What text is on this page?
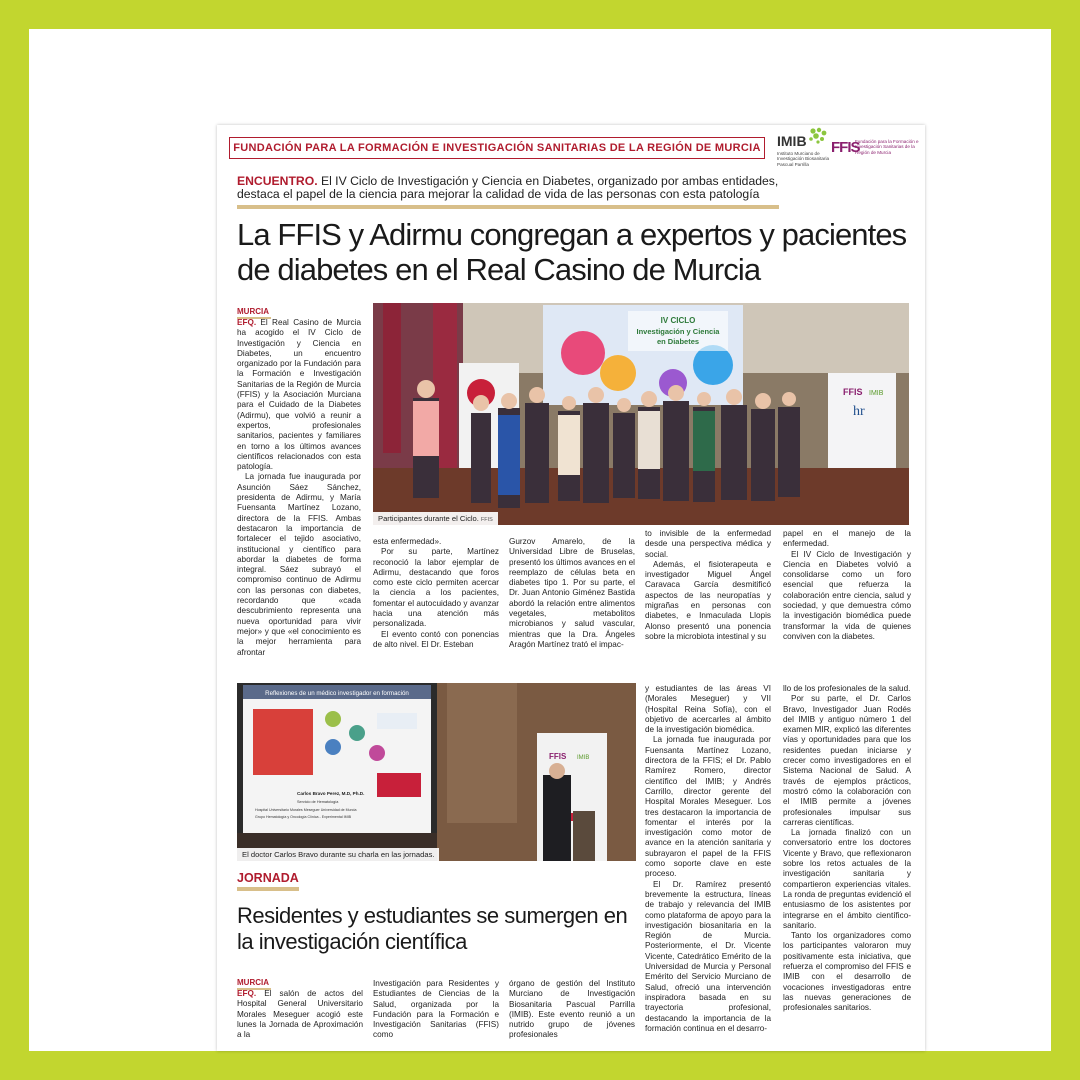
FUNDACIÓN PARA LA FORMACIÓN E INVESTIGACIÓN SANITARIAS DE LA REGIÓN DE MURCIA IMIB
Instituto Murciano de Investigación Biosanitaria Pascual Parrilla
FFIS
Fundación para la Formación e Investigación Sanitarias de la Región de Murcia
ENCUENTRO. El IV Ciclo de Investigación y Ciencia en Diabetes, organizado por ambas entidades, destaca el papel de la ciencia para mejorar la calidad de vida de las personas con esta patología
La FFIS y Adirmu congregan a expertos y pacientes de diabetes en el Real Casino de Murcia
MURCIA

EFQ. El Real Casino de Murcia ha acogido el IV Ciclo de Investigación y Ciencia en Diabetes, un encuentro organizado por la Fundación para la Formación e Investigación Sanitarias de la Región de Murcia (FFIS) y la Asociación Murciana para el Cuidado de la Diabetes (Adirmu), que volvió a reunir a expertos, profesionales sanitarios, pacientes y familiares en torno a los últimos avances científicos relacionados con esta patología.

La jornada fue inaugurada por Asunción Sáez Sánchez, presidenta de Adirmu, y María Fuensanta Martínez Lozano, directora de la FFIS. Ambas destacaron la importancia de fortalecer el tejido asociativo, institucional y científico para abordar la diabetes de forma integral. Sáez subrayó el compromiso continuo de Adirmu con las personas con diabetes, recordando que «cada descubrimiento representa una nueva oportunidad para vivir mejor» y que «el conocimiento es la mejor herramienta para afrontar

IV CICLO
Investigación y Ciencia
en Diabetes
FFIS IMIB
hr
Participantes durante el Ciclo. FFIS

esta enfermedad».

Por su parte, Martínez reconoció la labor ejemplar de Adirmu, destacando que foros como este ciclo permiten acercar la ciencia a los pacientes, fomentar el autocuidado y avanzar hacia una atención más personalizada.

El evento contó con ponencias de alto nivel. El Dr. Esteban

Gurzov Amarelo, de la Universidad Libre de Bruselas, presentó los últimos avances en el reemplazo de células beta en diabetes tipo 1. Por su parte, el Dr. Juan Antonio Giménez Bastida abordó la relación entre alimentos vegetales, metabolitos microbianos y salud vascular, mientras que la Dra. Ángeles Aragón Martínez trató el impac-

to invisible de la enfermedad desde una perspectiva médica y social.

Además, el fisioterapeuta e investigador Miguel Ángel Caravaca García desmitificó aspectos de las neuropatías y migrañas en personas con diabetes, e Inmaculada Llopis Alonso presentó una ponencia sobre la microbiota intestinal y su

papel en el manejo de la enfermedad.

El IV Ciclo de Investigación y Ciencia en Diabetes volvió a consolidarse como un foro esencial que refuerza la colaboración entre ciencia, salud y sociedad, y que demuestra cómo la investigación biomédica puede transformar la vida de quienes conviven con la diabetes.

Reflexiones de un médico investigador en formación
Carlos Bravo Perez, M.D, Ph.D.
Servicio de Hematología
Hospital Universitario Morales Meseguer Universidad de Murcia
Grupo Hematología y Oncología Clínica - Experimental IMIB
FFIS IMIB
El doctor Carlos Bravo durante su charla en las jornadas.
JORNADA
Residentes y estudiantes se sumergen en la investigación científica
MURCIA

EFQ. El salón de actos del Hospital General Universitario Morales Meseguer acogió este lunes la Jornada de Aproximación a la

Investigación para Residentes y Estudiantes de Ciencias de la Salud, organizada por la Fundación para la Formación e Investigación Sanitarias (FFIS) como

órgano de gestión del Instituto Murciano de Investigación Biosanitaria Pascual Parrilla (IMIB). Este evento reunió a un nutrido grupo de jóvenes profesionales

y estudiantes de las áreas VI (Morales Meseguer) y VII (Hospital Reina Sofía), con el objetivo de acercarles al ámbito de la investigación biomédica.

La jornada fue inaugurada por Fuensanta Martínez Lozano, directora de la FFIS; el Dr. Pablo Ramírez Romero, director científico del IMIB; y Andrés Carrillo, director gerente del Hospital Morales Meseguer. Los tres destacaron la importancia de fomentar el interés por la investigación como motor de avance en la atención sanitaria y subrayaron el papel de la FFIS como soporte clave en este proceso.

El Dr. Ramírez presentó brevemente la estructura, líneas de trabajo y relevancia del IMIB como plataforma de apoyo para la investigación biosanitaria en la Región de Murcia. Posteriormente, el Dr. Vicente Vicente, Catedrático Emérito de la Universidad de Murcia y Personal Emérito del Servicio Murciano de Salud, ofreció una intervención inspiradora basada en su trayectoria profesional, destacando la importancia de la formación continua en el desarro-

llo de los profesionales de la salud.

Por su parte, el Dr. Carlos Bravo, Investigador Juan Rodés del IMIB y antiguo número 1 del examen MIR, explicó las diferentes vías y oportunidades para que los residentes puedan iniciarse y crecer como investigadores en el Sistema Nacional de Salud. A través de ejemplos prácticos, mostró cómo la colaboración con el IMIB permite a jóvenes profesionales impulsar sus carreras científicas.

La jornada finalizó con un conversatorio entre los doctores Vicente y Bravo, que reflexionaron sobre los retos actuales de la investigación sanitaria y compartieron experiencias vitales. La ronda de preguntas evidenció el entusiasmo de los asistentes por integrarse en el ámbito científico-sanitario.

Tanto los organizadores como los participantes valoraron muy positivamente esta iniciativa, que refuerza el compromiso del FFIS e IMIB con el desarrollo de vocaciones investigadoras entre las nuevas generaciones de profesionales sanitarios.
